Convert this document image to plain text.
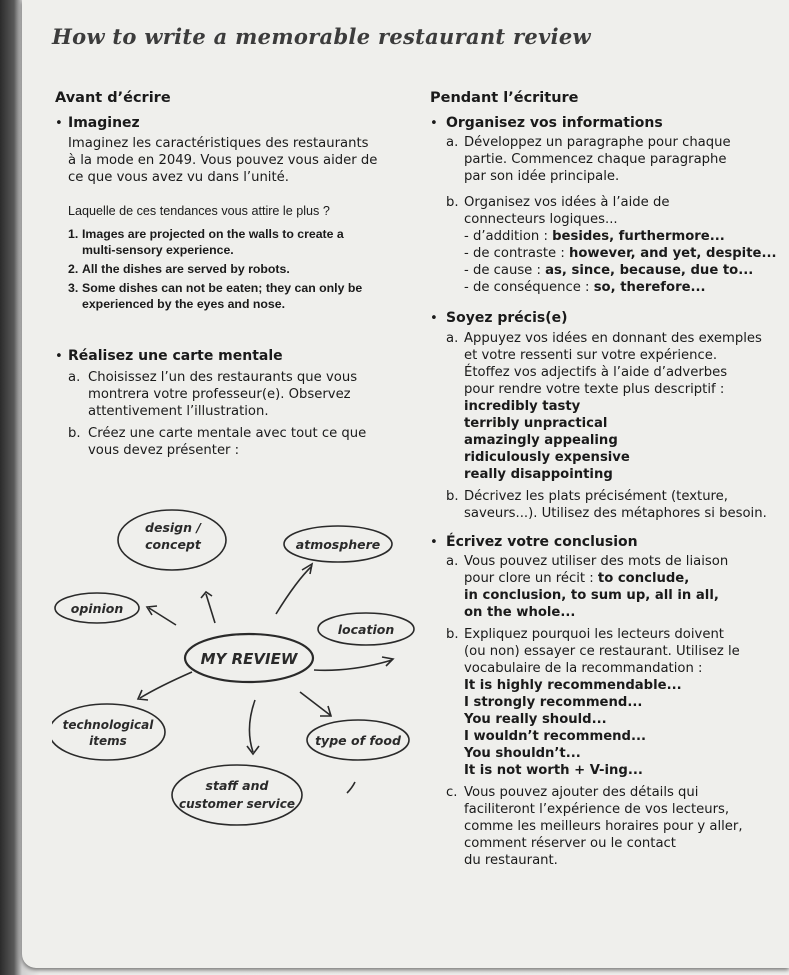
How to write a memorable restaurant review
Avant d’écrire
• Imaginez

Imaginez les caractéristiques des restaurants

à la mode en 2049. Vous pouvez vous aider de

ce que vous avez vu dans l’unité.

Laquelle de ces tendances vous attire le plus ?
1. Images are projected on the walls to create a

multi-sensory experience.

2. All the dishes are served by robots.

3. Some dishes can not be eaten; they can only be

experienced by the eyes and nose.

• Réalisez une carte mentale
a. Choisissez l’un des restaurants que vous

montrera votre professeur(e). Observez

attentivement l’illustration.

b. Créez une carte mentale avec tout ce que

vous devez présenter :

design /
concept	atmosphere
opinion
location
MY REVIEW
technological
items	type of food
staff and
customer service
Pendant l’écriture
• Organisez vos informations
a. Développez un paragraphe pour chaque

partie. Commencez chaque paragraphe

par son idée principale.

b. Organisez vos idées à l’aide de

connecteurs logiques...

- d’addition : besides, furthermore...

- de contraste : however, and yet, despite...

- de cause : as, since, because, due to...

- de conséquence : so, therefore...

• Soyez précis(e)
a. Appuyez vos idées en donnant des exemples

et votre ressenti sur votre expérience.

Étoffez vos adjectifs à l’aide d’adverbes

pour rendre votre texte plus descriptif :

incredibly tasty

terribly unpractical

amazingly appealing

ridiculously expensive

really disappointing

b. Décrivez les plats précisément (texture,

saveurs...). Utilisez des métaphores si besoin.

• Écrivez votre conclusion
a. Vous pouvez utiliser des mots de liaison

pour clore un récit : to conclude,

in conclusion, to sum up, all in all,

on the whole...

b. Expliquez pourquoi les lecteurs doivent

(ou non) essayer ce restaurant. Utilisez le

vocabulaire de la recommandation :

It is highly recommendable...

I strongly recommend...

You really should...

I wouldn’t recommend...

You shouldn’t...

It is not worth + V-ing...

c. Vous pouvez ajouter des détails qui

faciliteront l’expérience de vos lecteurs,

comme les meilleurs horaires pour y aller,

comment réserver ou le contact

du restaurant.
